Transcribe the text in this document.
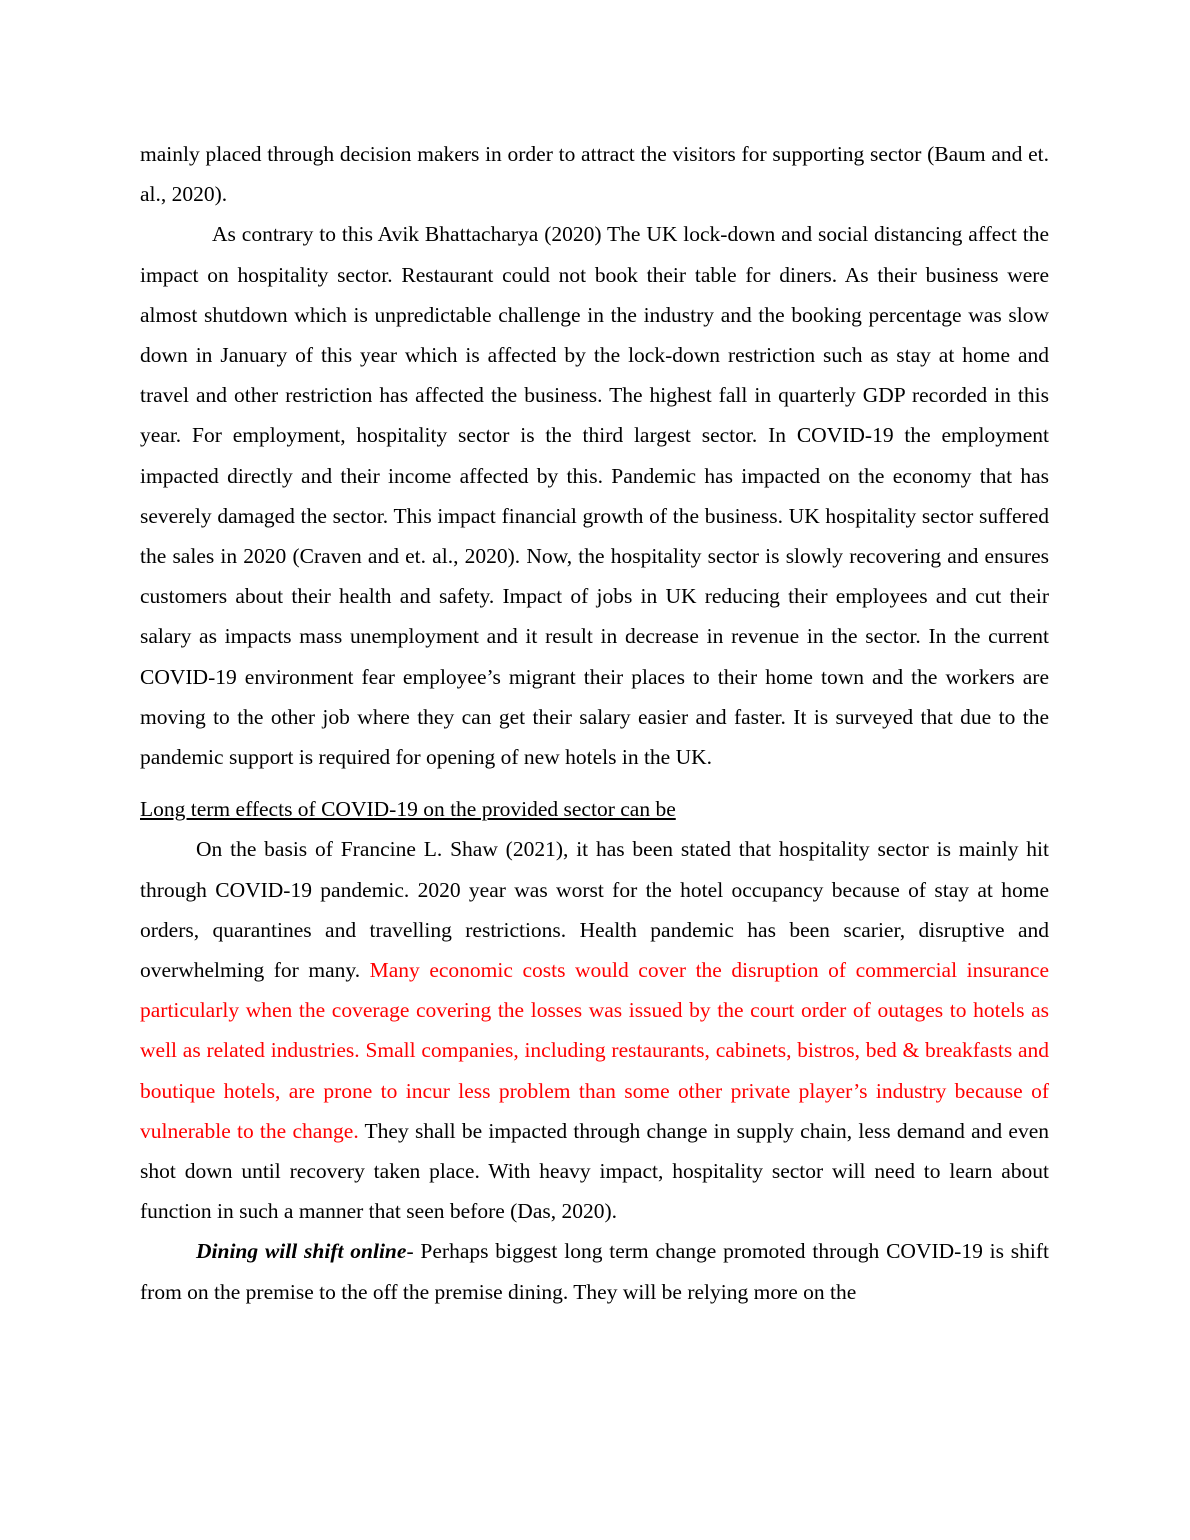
mainly placed through decision makers in order to attract the visitors for supporting sector (Baum and et. al., 2020).

As contrary to this Avik Bhattacharya (2020) The UK lock-down and social distancing affect the impact on hospitality sector. Restaurant could not book their table for diners. As their business were almost shutdown which is unpredictable challenge in the industry and the booking percentage was slow down in January of this year which is affected by the lock-down restriction such as stay at home and travel and other restriction has affected the business. The highest fall in quarterly GDP recorded in this year. For employment, hospitality sector is the third largest sector. In COVID-19 the employment impacted directly and their income affected by this. Pandemic has impacted on the economy that has severely damaged the sector. This impact financial growth of the business. UK hospitality sector suffered the sales in 2020 (Craven and et. al., 2020). Now, the hospitality sector is slowly recovering and ensures customers about their health and safety. Impact of jobs in UK reducing their employees and cut their salary as impacts mass unemployment and it result in decrease in revenue in the sector. In the current COVID-19 environment fear employee’s migrant their places to their home town and the workers are moving to the other job where they can get their salary easier and faster. It is surveyed that due to the pandemic support is required for opening of new hotels in the UK.

Long term effects of COVID-19 on the provided sector can be

On the basis of Francine L. Shaw (2021), it has been stated that hospitality sector is mainly hit through COVID-19 pandemic. 2020 year was worst for the hotel occupancy because of stay at home orders, quarantines and travelling restrictions. Health pandemic has been scarier, disruptive and overwhelming for many. Many economic costs would cover the disruption of commercial insurance particularly when the coverage covering the losses was issued by the court order of outages to hotels as well as related industries. Small companies, including restaurants, cabinets, bistros, bed & breakfasts and boutique hotels, are prone to incur less problem than some other private player’s industry because of vulnerable to the change. They shall be impacted through change in supply chain, less demand and even shot down until recovery taken place. With heavy impact, hospitality sector will need to learn about function in such a manner that seen before (Das, 2020).

Dining will shift online- Perhaps biggest long term change promoted through COVID-19 is shift from on the premise to the off the premise dining. They will be relying more on the
